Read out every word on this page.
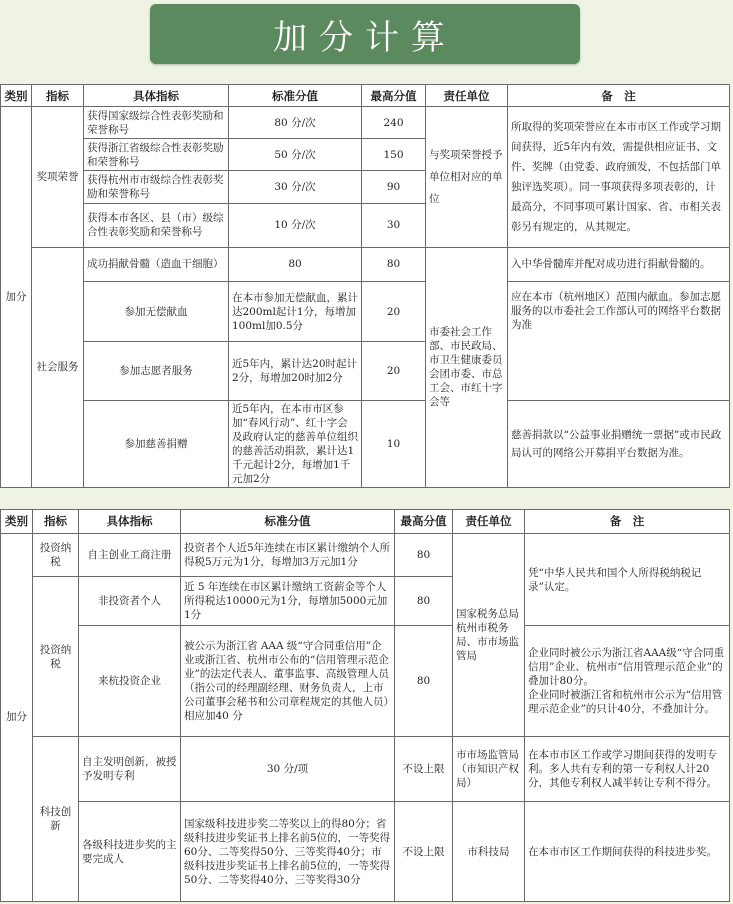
加分计算
类别	指标	具体指标	标准分值	最高分值	责任单位	备　注
加分	奖项荣誉	获得国家级综合性表彰奖励和荣誉称号	80 分/次	240	与奖项荣誉授予单位相对应的单位	所取得的奖项荣誉应在本市市区工作或学习期间获得，近5年内有效，需提供相应证书、文件、奖牌（由党委、政府颁发，不包括部门单独评选奖项）。同一事项获得多项表彰的，计最高分，不同事项可累计国家、省、市相关表彰另有规定的，从其规定。
		获得浙江省级综合性表彰奖励和荣誉称号	50 分/次	150		
		获得杭州市市级综合性表彰奖励和荣誉称号	30 分/次	90		
		获得本市各区、县（市）级综合性表彰奖励和荣誉称号	10 分/次	30		
	社会服务	成功捐献骨髓（造血干细胞）	80	80	市委社会工作部、市民政局、市卫生健康委员会团市委、市总工会、市红十字会等	入中华骨髓库并配对成功进行捐献骨髓的。
		参加无偿献血	在本市参加无偿献血，累计达200ml起计1分，每增加100ml加0.5分	20		应在本市（杭州地区）范围内献血。参加志愿服务的以市委社会工作部认可的网络平台数据为准
		参加志愿者服务	近5年内，累计达20时起计2分，每增加20时加2分	20		
		参加慈善捐赠	近5年内，在本市市区参加“春风行动”、红十字会及政府认定的慈善单位组织的慈善活动捐款，累计达1千元起计2分，每增加1千元加2分	10		慈善捐款以“公益事业捐赠统一票据”或市民政局认可的网络公开募捐平台数据为准。
类别	指标	具体指标	标准分值	最高分值	责任单位	备　注
加分	投资纳税	自主创业工商注册	投资者个人近5年连续在市区累计缴纳个人所得税5万元为1分，每增加3万元加1分	80	国家税务总局杭州市税务局、市市场监管局	凭“中华人民共和国个人所得税纳税记录”认定。
	投资纳税	非投资者个人	近 5 年连续在市区累计缴纳工资薪金等个人所得税达10000元为1分，每增加5000元加1分	80		
		来杭投资企业	被公示为浙江省 AAA 级“守合同重信用”企业或浙江省、杭州市公布的“信用管理示范企业”的法定代表人、董事监事、高级管理人员（指公司的经理副经理、财务负责人，上市公司董事会秘书和公司章程规定的其他人员）相应加40 分	80		企业同时被公示为浙江省AAA级“守合同重信用”企业、杭州市“信用管理示范企业”的叠加计80分。
企业同时被浙江省和杭州市公示为“信用管理示范企业”的只计40分，不叠加计分。

	科技创新	自主发明创新，被授予发明专利	30 分/项	不设上限	市市场监管局（市知识产权局）	在本市市区工作或学习期间获得的发明专利。多人共有专利的第一专利权人计20分，其他专利权人减半转让专利不得分。
		各级科技进步奖的主要完成人	国家级科技进步奖二等奖以上的得80分；省级科技进步奖证书上排名前5位的，一等奖得60分、二等奖得50分、三等奖得40分；市级科技进步奖证书上排名前5位的，一等奖得50分、二等奖得40分、三等奖得30分	不设上限	市科技局	在本市市区工作期间获得的科技进步奖。
